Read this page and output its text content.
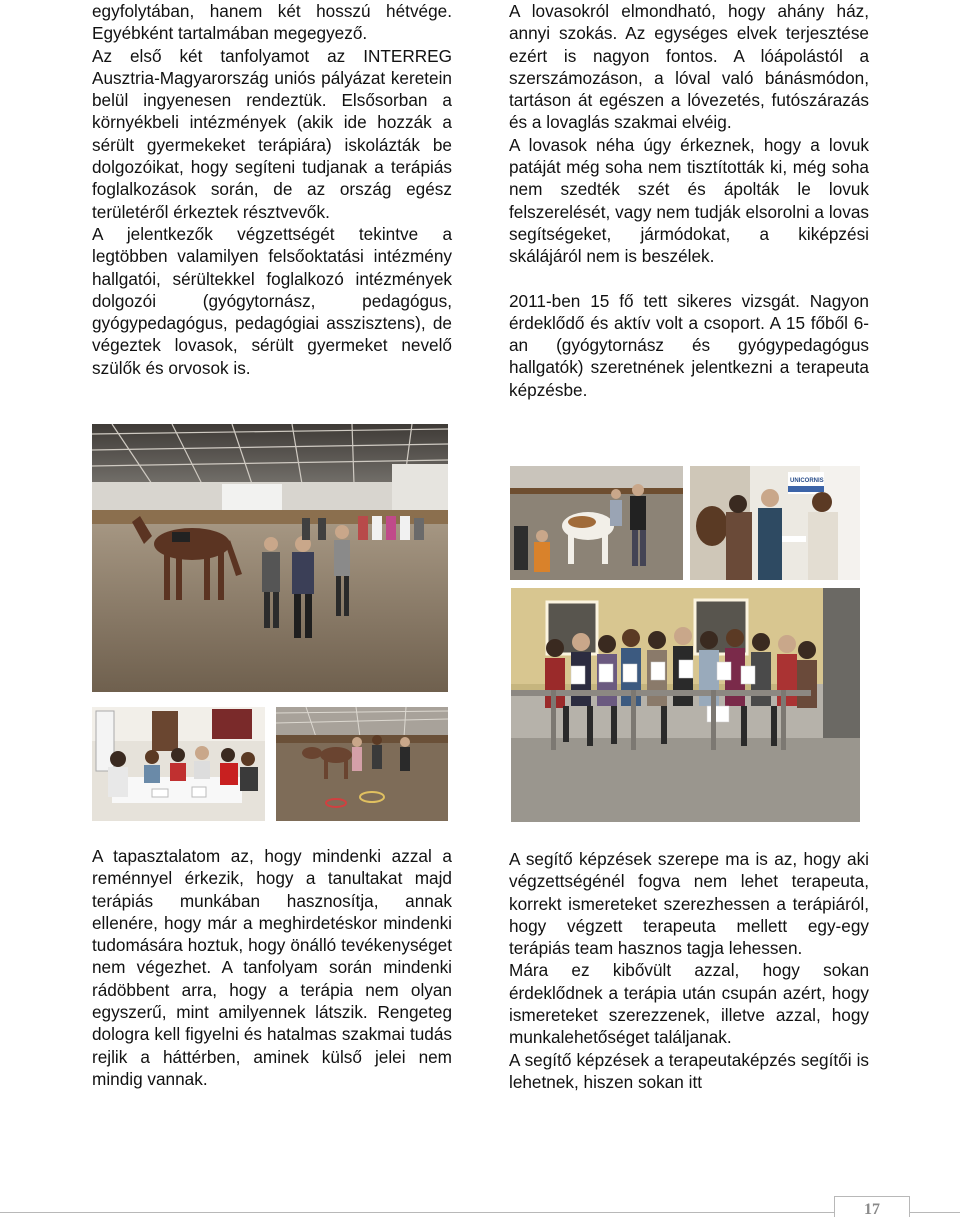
egyfolytában, hanem két hosszú hétvége. Egyébként tartalmában megegyező.

Az első két tanfolyamot az INTERREG Ausztria-Magyarország uniós pályázat keretein belül ingyenesen rendeztük. Elsősorban a környékbeli intézmények (akik ide hozzák a sérült gyermekeket terápiára) iskolázták be dolgozóikat, hogy segíteni tudjanak a terápiás foglalkozások során, de az ország egész területéről érkeztek résztvevők.

A jelentkezők végzettségét tekintve a legtöbben valamilyen felsőoktatási intézmény hallgatói, sérültekkel foglalkozó intézmények dolgozói (gyógytornász, pedagógus, gyógypedagógus, pedagógiai asszisztens), de végeztek lovasok, sérült gyermeket nevelő szülők és orvosok is.

A lovasokról elmondható, hogy ahány ház, annyi szokás. Az egységes elvek terjesztése ezért is nagyon fontos. A lóápolástól a szerszámozáson, a lóval való bánásmódon, tartáson át egészen a lóvezetés, futószárazás és a lovaglás szakmai elvéig.

A lovasok néha úgy érkeznek, hogy a lovuk patáját még soha nem tisztították ki, még soha nem szedték szét és ápolták le lovuk felszerelését, vagy nem tudják elsorolni a lovas segítségeket, jármódokat, a kiképzési skálájáról nem is beszélek.

2011-ben 15 fő tett sikeres vizsgát. Nagyon érdeklődő és aktív volt a csoport. A 15 főből 6-an (gyógytornász és gyógypedagógus hallgatók) szeretnének jelentkezni a terapeuta képzésbe.

UNICORNIS

A tapasztalatom az, hogy mindenki azzal a reménnyel érkezik, hogy a tanultakat majd terápiás munkában hasznosítja, annak ellenére, hogy már a meghirdetéskor mindenki tudomására hoztuk, hogy önálló tevékenységet nem végezhet. A tanfolyam során mindenki rádöbbent arra, hogy a terápia nem olyan egyszerű, mint amilyennek látszik. Rengeteg dologra kell figyelni és hatalmas szakmai tudás rejlik a háttérben, aminek külső jelei nem mindig vannak.

A segítő képzések szerepe ma is az, hogy aki végzettségénél fogva nem lehet terapeuta, korrekt ismereteket szerezhessen a terápiáról, hogy végzett terapeuta mellett egy-egy terápiás team hasznos tagja lehessen.

Mára ez kibővült azzal, hogy sokan érdeklődnek a terápia után csupán azért, hogy ismereteket szerezzenek, illetve azzal, hogy munkalehetőséget találjanak.

A segítő képzések a terapeutaképzés segítői is lehetnek, hiszen sokan itt

17
